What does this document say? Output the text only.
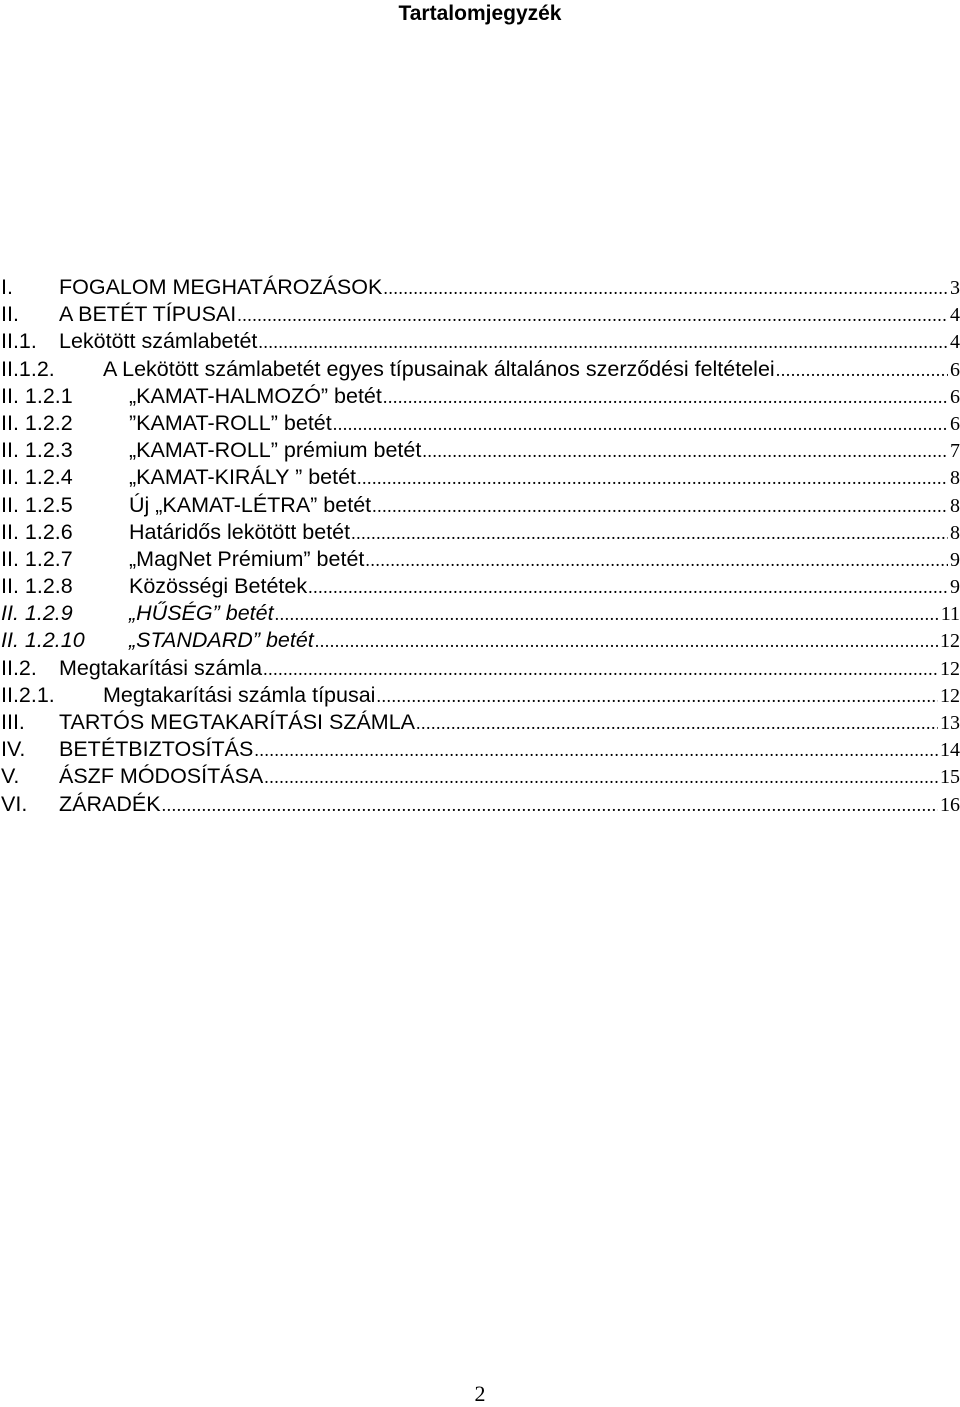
Tartalomjegyzék
I.	FOGALOM MEGHATÁROZÁSOK .....	3
II.	A BETÉT TÍPUSAI .....	4
II.1.	Lekötött számlabetét .....	4
II.1.2.	A Lekötött számlabetét egyes típusainak általános szerződési feltételei .....	6
II. 1.2.1	„KAMAT-HALMOZÓ” betét .....	6
II. 1.2.2	”KAMAT-ROLL” betét .....	6
II. 1.2.3	„KAMAT-ROLL” prémium betét .....	7
II. 1.2.4	„KAMAT-KIRÁLY ” betét .....	8
II. 1.2.5	Új „KAMAT-LÉTRA” betét .....	8
II. 1.2.6	Határidős lekötött betét .....	8
II. 1.2.7	„MagNet Prémium” betét .....	9
II. 1.2.8	Közösségi Betétek .....	9
II. 1.2.9	„HŰSÉG” betét .....	11
II. 1.2.10	„STANDARD” betét .....	12
II.2.	Megtakarítási számla .....	12
II.2.1.	Megtakarítási számla típusai .....	12
III.	TARTÓS MEGTAKARÍTÁSI SZÁMLA .....	13
IV.	BETÉTBIZTOSÍTÁS .....	14
V.	ÁSZF MÓDOSÍTÁSA .....	15
VI.	ZÁRADÉK .....	16
2
